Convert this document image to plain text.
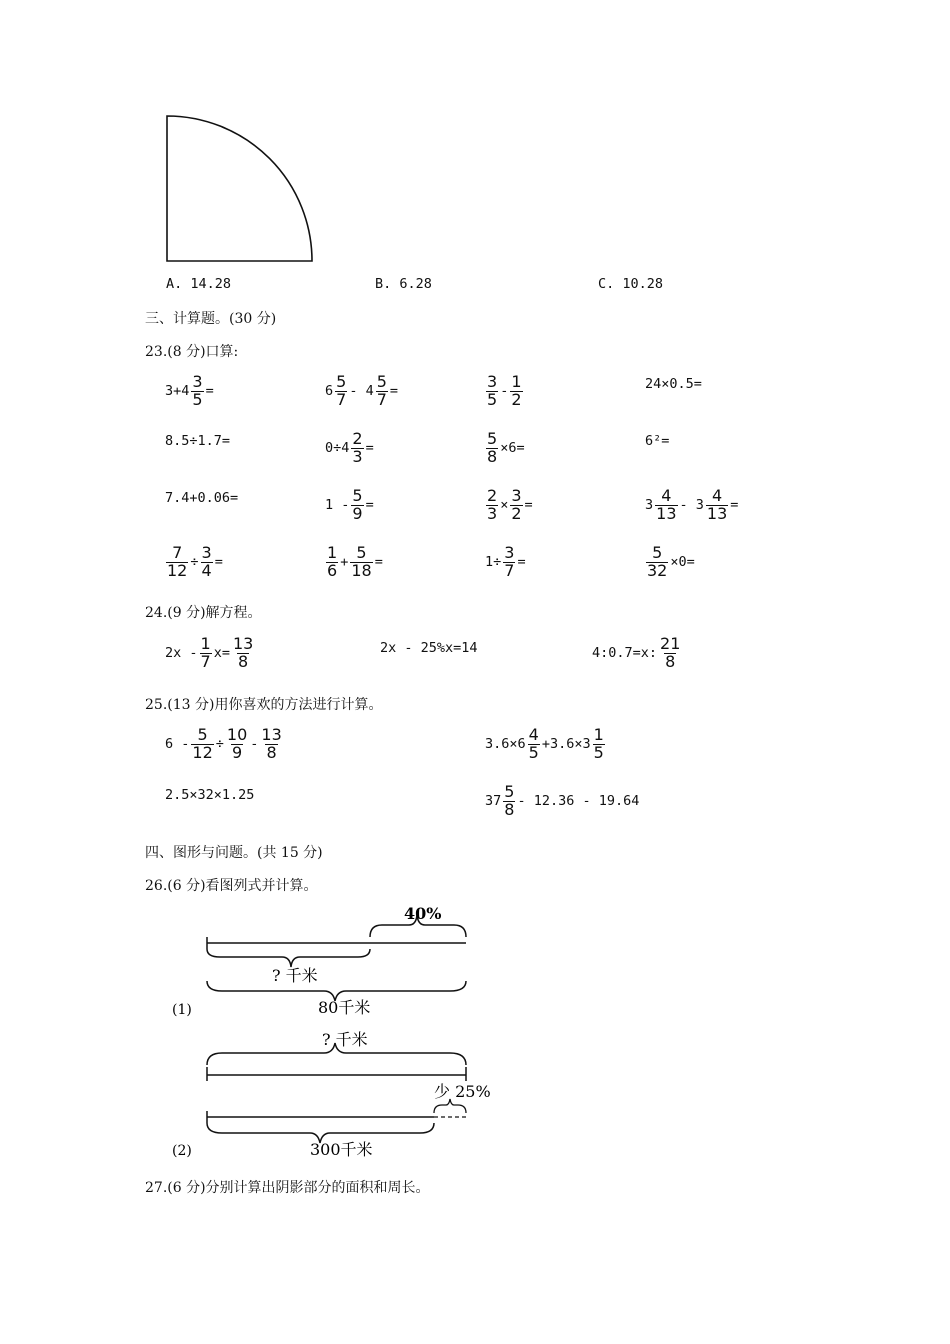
A. 14.28	B. 6.28	C. 10.28
三、计算题。(30 分)
23.(8 分)口算:
$3+4 \frac{3}{5}$ =	$6 \frac{5}{7} - 4 \frac{5}{7}$ =	$\frac{3}{5} - \frac{1}{2}$	24×0.5=
8.5÷1.7=	$0\div 4 \frac{2}{3}$ =	$\frac{5}{8} \times 6=$	6²=
7.4+0.06=	$1 - \frac{5}{9}$ =	$\frac{2}{3} \times \frac{3}{2}$ =	$3 \frac{4}{13} - 3 \frac{4}{13}$ =
$\frac{7}{12} \div \frac{3}{4}$ =	$\frac{1}{6} + \frac{5}{18}$ =	$1\div \frac{3}{7}$ =	$\frac{5}{32} \times 0=$
24.(9 分)解方程。
$2x - \frac{1}{7} x= \frac{13}{8}$	2x - 25%x=14	4:0.7=x: $\frac{21}{8}$
25.(13 分)用你喜欢的方法进行计算。
$6 - \frac{5}{12} \div \frac{10}{9} - \frac{13}{8}$	$3.6\times 6 \frac{4}{5} +3.6\times 3 \frac{1}{5}$
2.5×32×1.25	$37 \frac{5}{8} - 12.36 - 19.64$
四、图形与问题。(共 15 分)
26.(6 分)看图列式并计算。
40%
? 千米
80千米
(1)
? 千米
少 25%
300千米
(2)
27.(6 分)分别计算出阴影部分的面积和周长。
